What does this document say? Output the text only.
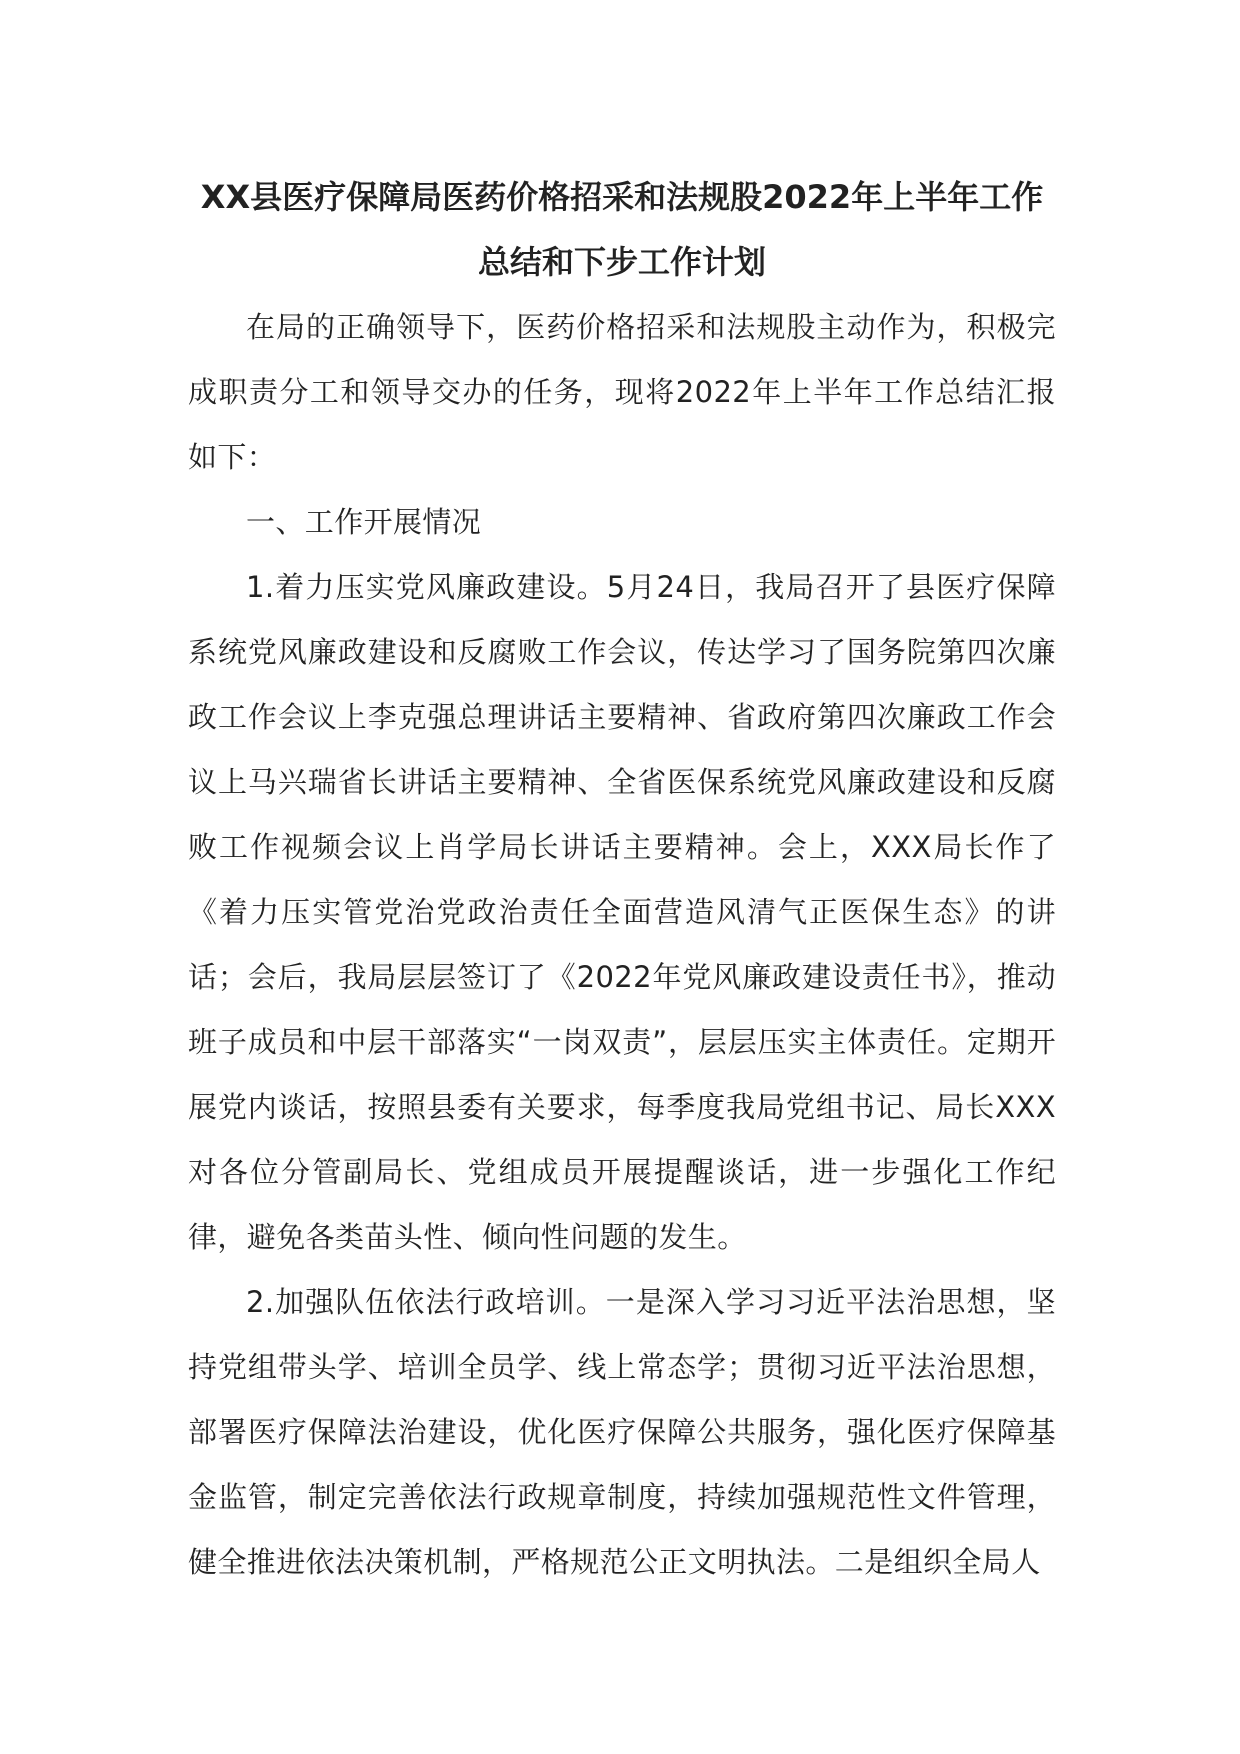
XX县医疗保障局医药价格招采和法规股2022年上半年工作总结和下步工作计划

在局的正确领导下，医药价格招采和法规股主动作为，积极完成职责分工和领导交办的任务，现将2022年上半年工作总结汇报如下：

一、工作开展情况

1.着力压实党风廉政建设。5月24日，我局召开了县医疗保障系统党风廉政建设和反腐败工作会议，传达学习了国务院第四次廉政工作会议上李克强总理讲话主要精神、省政府第四次廉政工作会议上马兴瑞省长讲话主要精神、全省医保系统党风廉政建设和反腐败工作视频会议上肖学局长讲话主要精神。会上，XXX局长作了《着力压实管党治党政治责任全面营造风清气正医保生态》的讲话；会后，我局层层签订了《2022年党风廉政建设责任书》，推动班子成员和中层干部落实“一岗双责”，层层压实主体责任。定期开展党内谈话，按照县委有关要求，每季度我局党组书记、局长XXX对各位分管副局长、党组成员开展提醒谈话，进一步强化工作纪律，避免各类苗头性、倾向性问题的发生。

2.加强队伍依法行政培训。一是深入学习习近平法治思想，坚持党组带头学、培训全员学、线上常态学；贯彻习近平法治思想，部署医疗保障法治建设，优化医疗保障公共服务，强化医疗保障基金监管，制定完善依法行政规章制度，持续加强规范性文件管理，健全推进依法决策机制，严格规范公正文明执法。二是组织全局人
